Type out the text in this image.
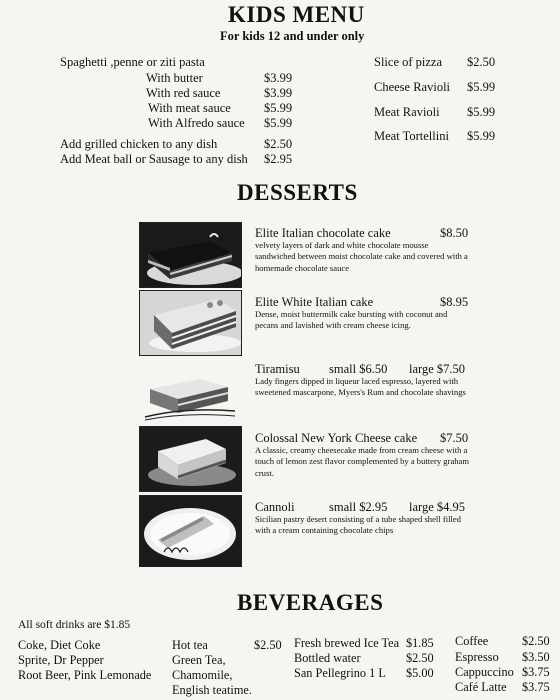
KIDS MENU
For kids 12 and under only
Spaghetti ,penne or ziti pasta
With butter	$3.99
With red sauce	$3.99
With meat sauce	$5.99
With Alfredo sauce $5.99
Add grilled chicken to any dish	$2.50
Add Meat ball or Sausage to any dish $2.95
Slice of pizza $2.50
Cheese Ravioli $5.99
Meat Ravioli $5.99
Meat Tortellini $5.99
DESSERTS
Elite Italian chocolate cake	$8.50
velvety layers of dark and white chocolate mousse sandwiched between moist chocolate cake and covered with a homemade chocolate sauce
Elite White Italian cake	$8.95
Dense, moist buttermilk cake bursting with coconut and pecans and lavished with cream cheese icing.
Tiramisu small $6.50 large $7.50
Lady fingers dipped in liqueur laced espresso, layered with sweetened mascarpone, Myers's Rum and chocolate shavings
Colossal New York Cheese cake $7.50
A classic, creamy cheesecake made from cream cheese with a touch of lemon zest flavor complemented by a buttery graham crust.
Cannoli	small $2.95 large $4.95
Sicilian pastry desert consisting of a tube shaped shell filled with a cream containing chocolate chips
BEVERAGES
All soft drinks are $1.85
Coke, Diet Coke
Sprite, Dr Pepper
Root Beer, Pink Lemonade
Hot tea	$2.50
Green Tea,
Chamomile,
English teatime.
Fresh brewed Ice Tea $1.85
Bottled water	$2.50
San Pellegrino 1 L $5.00
Coffee	$2.50
Espresso $3.50
Cappuccino $3.75
Café Latte $3.75
